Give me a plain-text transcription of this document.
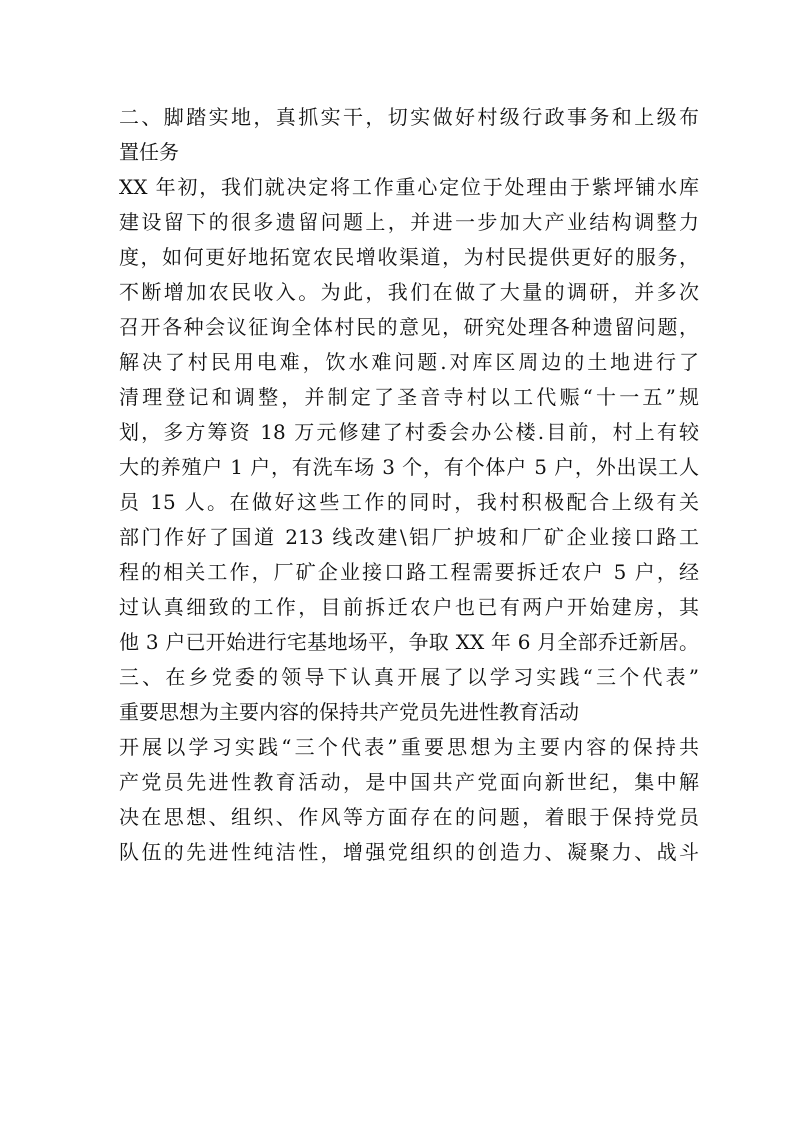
二、脚踏实地，真抓实干，切实做好村级行政事务和上级布
置任务
XX 年初，我们就决定将工作重心定位于处理由于紫坪铺水库
建设留下的很多遗留问题上，并进一步加大产业结构调整力
度，如何更好地拓宽农民增收渠道，为村民提供更好的服务，
不断增加农民收入。为此，我们在做了大量的调研，并多次
召开各种会议征询全体村民的意见，研究处理各种遗留问题，
解决了村民用电难，饮水难问题.对库区周边的土地进行了
清理登记和调整，并制定了圣音寺村以工代赈“十一五”规
划，多方筹资 18 万元修建了村委会办公楼.目前，村上有较
大的养殖户 1 户，有洗车场 3 个，有个体户 5 户，外出误工人
员 15 人。在做好这些工作的同时，我村积极配合上级有关
部门作好了国道 213 线改建\铝厂护坡和厂矿企业接口路工
程的相关工作，厂矿企业接口路工程需要拆迁农户 5 户，经
过认真细致的工作，目前拆迁农户也已有两户开始建房，其
他 3 户已开始进行宅基地场平，争取 XX 年 6 月全部乔迁新居。
三、在乡党委的领导下认真开展了以学习实践“三个代表”
重要思想为主要内容的保持共产党员先进性教育活动
开展以学习实践“三个代表”重要思想为主要内容的保持共
产党员先进性教育活动，是中国共产党面向新世纪，集中解
决在思想、组织、作风等方面存在的问题，着眼于保持党员
队伍的先进性纯洁性，增强党组织的创造力、凝聚力、战斗
